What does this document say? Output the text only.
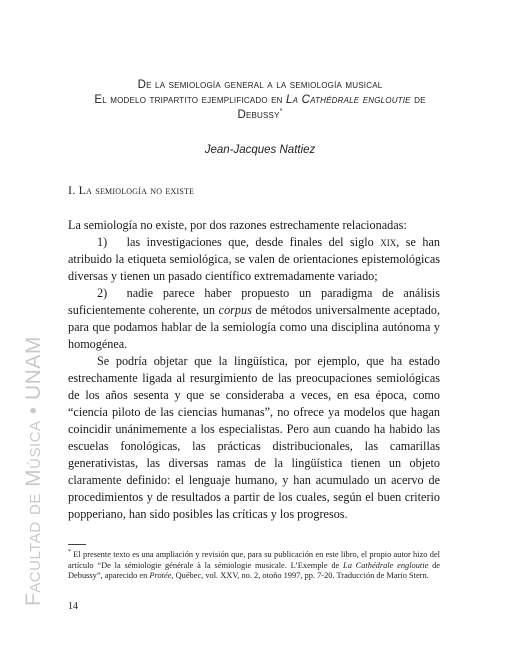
De la semiología general a la semiología musical
El modelo tripartito ejemplificado en La Cathédrale engloutie de
Debussy*
Jean-Jacques Nattiez
I. La semiología no existe

La semiología no existe, por dos razones estrechamente relacionadas:

1)   las investigaciones que, desde finales del siglo xix, se han atribuido la etiqueta semiológica, se valen de orientaciones epistemológicas diversas y tienen un pasado científico extremadamente variado;

2)  nadie parece haber propuesto un paradigma de análisis suficientemente coherente, un corpus de métodos universalmente aceptado, para que podamos hablar de la semiología como una disciplina autónoma y homogénea.

Se podría objetar que la lingüística, por ejemplo, que ha estado estrechamente ligada al resurgimiento de las preocupaciones semiológicas de los años sesenta y que se consideraba a veces, en esa época, como “ciencia piloto de las ciencias humanas”, no ofrece ya modelos que hagan coincidir unánimemente a los especialistas. Pero aun cuando ha habido las escuelas fonológicas, las prácticas distribucionales, las camarillas generativistas, las diversas ramas de la lingüística tienen un objeto claramente definido: el lenguaje humano, y han acumulado un acervo de procedimientos y de resultados a partir de los cuales, según el buen criterio popperiano, han sido posibles las críticas y los progresos.

* El presente texto es una ampliación y revisión que, para su publicación en este libro, el propio autor hizo del artículo “De la sémiologie générale à la sémiologie musicale. L’Exemple de La Cathédrale engloutie de Debussy”, aparecido en Protée, Québec, vol. XXV, no. 2, otoño 1997, pp. 7-20. Traducción de Mario Stern.

14
Facultad de Música • UNAM
